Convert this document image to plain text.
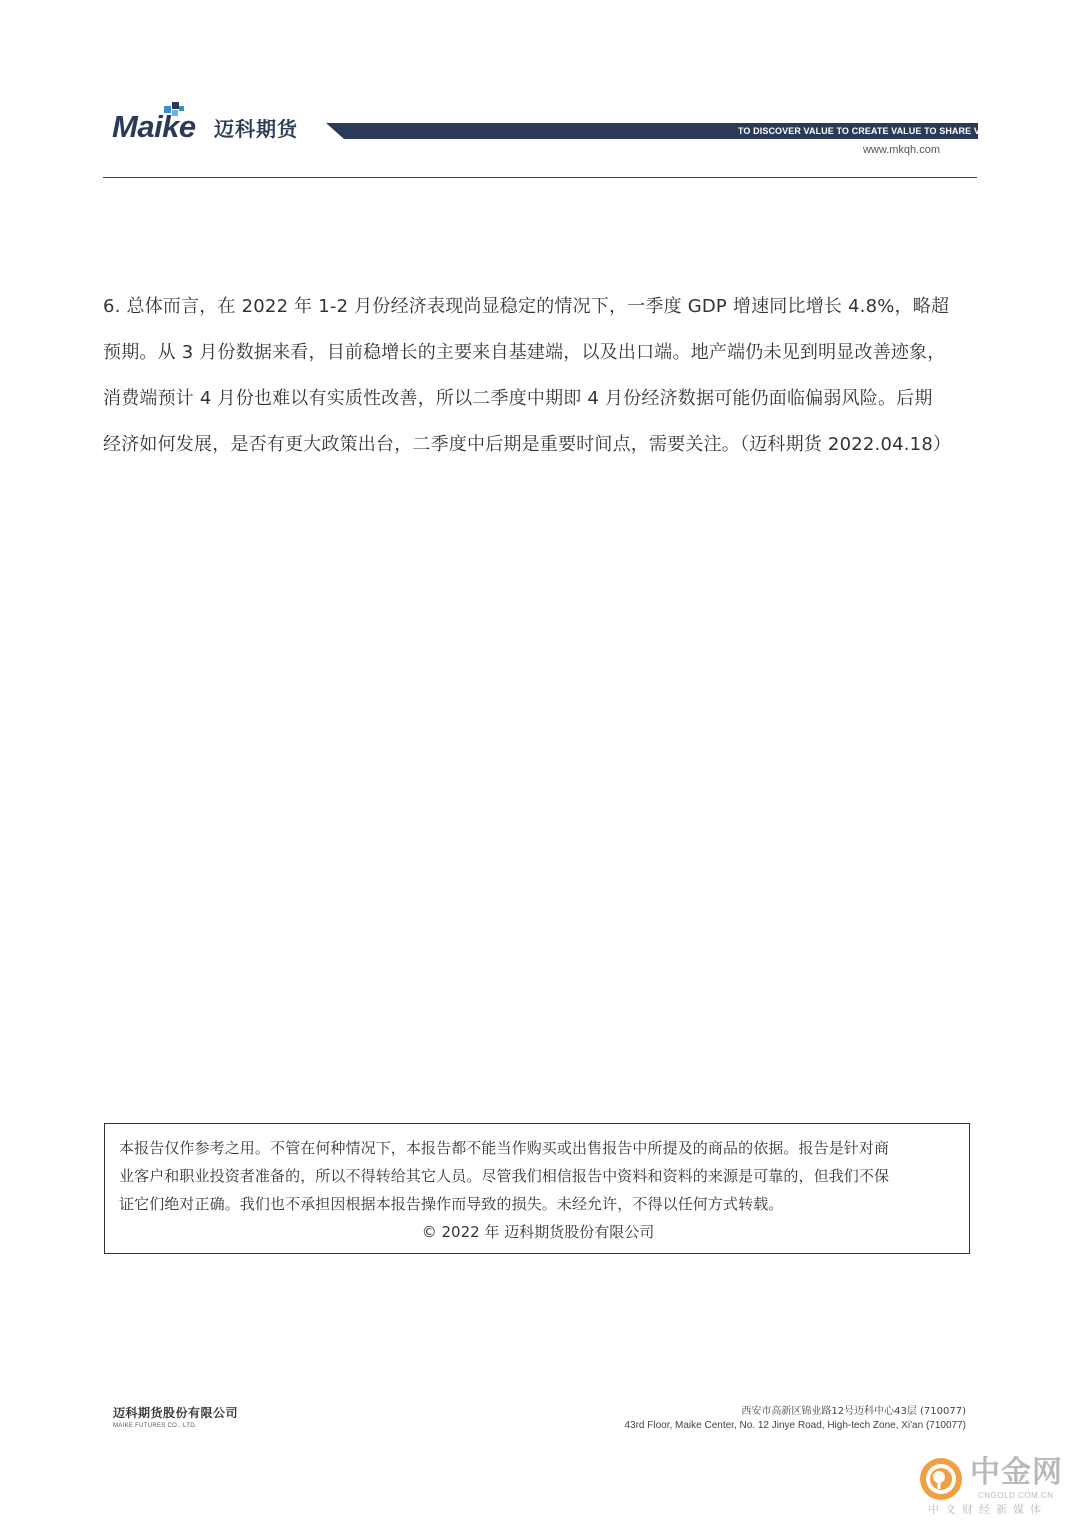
Maike 迈科期货	TO DISCOVER VALUE TO CREATE VALUE TO SHARE VALUE
www.mkqh.com
6. 总体而言，在 2022 年 1-2 月份经济表现尚显稳定的情况下，一季度 GDP 增速同比增长 4.8%，略超
预期。从 3 月份数据来看，目前稳增长的主要来自基建端，以及出口端。地产端仍未见到明显改善迹象，
消费端预计 4 月份也难以有实质性改善，所以二季度中期即 4 月份经济数据可能仍面临偏弱风险。后期
经济如何发展，是否有更大政策出台，二季度中后期是重要时间点，需要关注。（迈科期货 2022.04.18）
本报告仅作参考之用。不管在何种情况下，本报告都不能当作购买或出售报告中所提及的商品的依据。报告是针对商
业客户和职业投资者准备的，所以不得转给其它人员。尽管我们相信报告中资料和资料的来源是可靠的，但我们不保
证它们绝对正确。我们也不承担因根据本报告操作而导致的损失。未经允许，不得以任何方式转载。
© 2022 年 迈科期货股份有限公司
迈科期货股份有限公司
MAIKE FUTURES CO., LTD.
西安市高新区锦业路12号迈科中心43层 (710077)
43rd Floor, Maike Center, No. 12 Jinye Road, High-tech Zone, Xi'an (710077)
中金网
CNGOLD.COM.CN
中文财经新媒体
